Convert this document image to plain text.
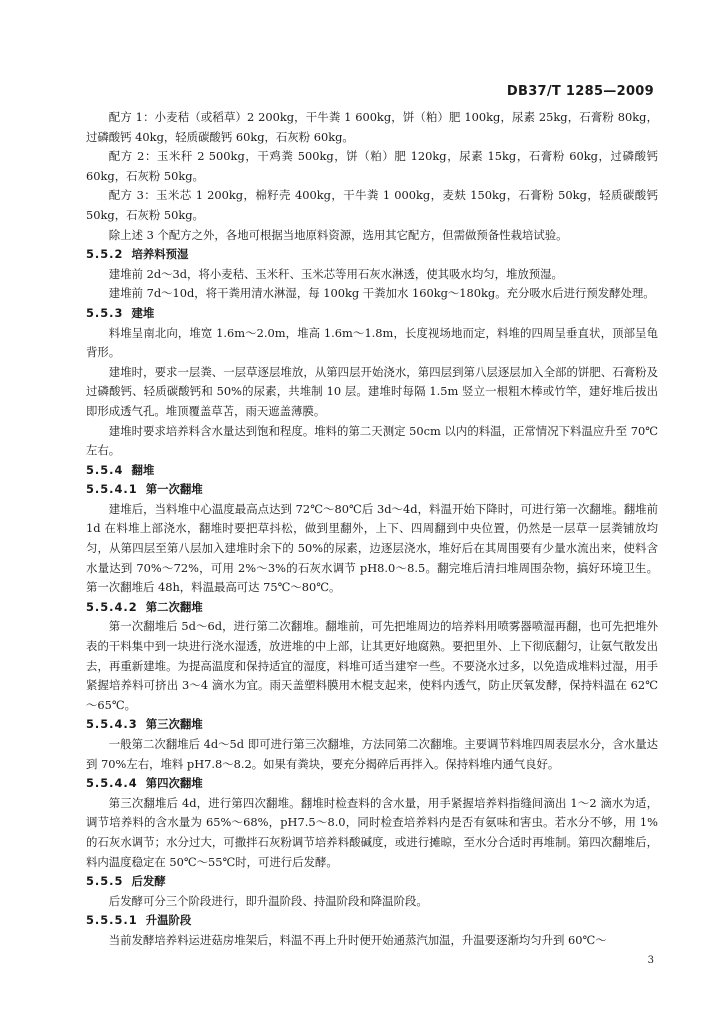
DB37/T 1285—2009

配方 1：小麦秸（或稻草）2 200kg，干牛粪 1 600kg，饼（粕）肥 100kg，尿素 25kg，石膏粉 80kg，过磷酸钙 40kg，轻质碳酸钙 60kg，石灰粉 60kg。

配方 2：玉米秆 2 500kg，干鸡粪 500kg，饼（粕）肥 120kg，尿素 15kg，石膏粉 60kg，过磷酸钙 60kg，石灰粉 50kg。

配方 3：玉米芯 1 200kg，棉籽壳 400kg，干牛粪 1 000kg，麦麸 150kg，石膏粉 50kg，轻质碳酸钙 50kg，石灰粉 50kg。

除上述 3 个配方之外，各地可根据当地原料资源，选用其它配方，但需做预备性栽培试验。

5.5.2 培养料预湿

建堆前 2d～3d，将小麦秸、玉米秆、玉米芯等用石灰水淋透，使其吸水均匀，堆放预湿。

建堆前 7d～10d，将干粪用清水淋湿，每 100kg 干粪加水 160kg～180kg。充分吸水后进行预发酵处理。

5.5.3 建堆

料堆呈南北向，堆宽 1.6m～2.0m，堆高 1.6m～1.8m，长度视场地而定，料堆的四周呈垂直状，顶部呈龟背形。

建堆时，要求一层粪、一层草逐层堆放，从第四层开始浇水，第四层到第八层逐层加入全部的饼肥、石膏粉及过磷酸钙、轻质碳酸钙和 50%的尿素，共堆制 10 层。建堆时每隔 1.5m 竖立一根粗木棒或竹竿，建好堆后拔出即形成透气孔。堆顶覆盖草苫，雨天遮盖薄膜。

建堆时要求培养料含水量达到饱和程度。堆料的第二天测定 50cm 以内的料温，正常情况下料温应升至 70℃左右。

5.5.4 翻堆
5.5.4.1 第一次翻堆

建堆后，当料堆中心温度最高点达到 72℃～80℃后 3d～4d，料温开始下降时，可进行第一次翻堆。翻堆前 1d 在料堆上部浇水，翻堆时要把草抖松，做到里翻外，上下、四周翻到中央位置，仍然是一层草一层粪铺放均匀，从第四层至第八层加入建堆时余下的 50%的尿素，边逐层浇水，堆好后在其周围要有少量水流出来，使料含水量达到 70%～72%，可用 2%～3%的石灰水调节 pH8.0～8.5。翻完堆后清扫堆周围杂物，搞好环境卫生。第一次翻堆后 48h，料温最高可达 75℃～80℃。

5.5.4.2 第二次翻堆

第一次翻堆后 5d～6d，进行第二次翻堆。翻堆前，可先把堆周边的培养料用喷雾器喷湿再翻，也可先把堆外表的干料集中到一块进行浇水湿透，放进堆的中上部，让其更好地腐熟。要把里外、上下彻底翻匀，让氨气散发出去，再重新建堆。为提高温度和保持适宜的湿度，料堆可适当建窄一些。不要浇水过多，以免造成堆料过湿，用手紧握培养料可挤出 3～4 滴水为宜。雨天盖塑料膜用木棍支起来，使料内透气，防止厌氧发酵，保持料温在 62℃～65℃。

5.5.4.3 第三次翻堆

一般第二次翻堆后 4d～5d 即可进行第三次翻堆，方法同第二次翻堆。主要调节料堆四周表层水分，含水量达到 70%左右，堆料 pH7.8～8.2。如果有粪块，要充分揭碎后再拌入。保持料堆内通气良好。

5.5.4.4 第四次翻堆

第三次翻堆后 4d，进行第四次翻堆。翻堆时检查料的含水量，用手紧握培养料指缝间滴出 1～2 滴水为适，调节培养料的含水量为 65%～68%，pH7.5～8.0，同时检查培养料内是否有氨味和害虫。若水分不够，用 1%的石灰水调节；水分过大，可撒拌石灰粉调节培养料酸碱度，或进行摊晾，至水分合适时再堆制。第四次翻堆后，料内温度稳定在 50℃～55℃时，可进行后发酵。

5.5.5 后发酵

后发酵可分三个阶段进行，即升温阶段、持温阶段和降温阶段。

5.5.5.1 升温阶段

当前发酵培养料运进菇房堆架后，料温不再上升时便开始通蒸汽加温，升温要逐渐均匀升到 60℃～

3
